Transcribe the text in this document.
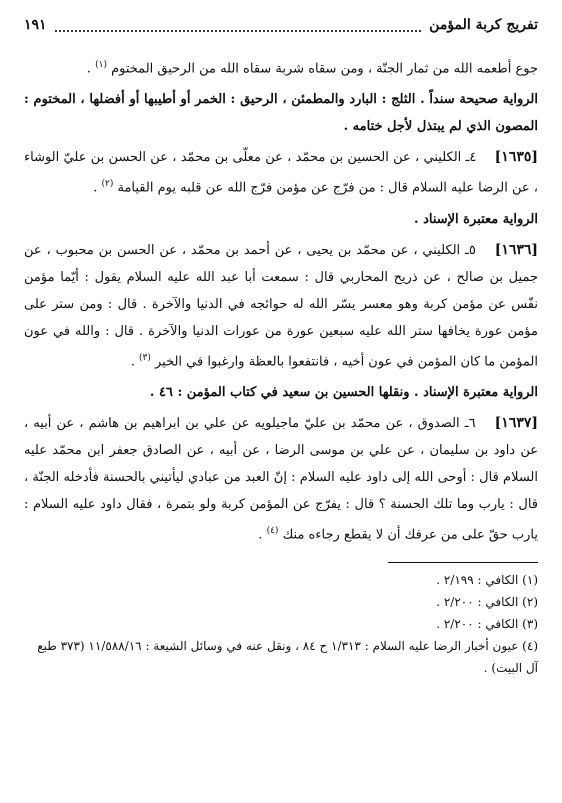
تفريج كربة المؤمن
١٩١

جوع أطعمه الله من ثمار الجنّة ، ومن سقاه شربة سقاه الله من الرحيق المختوم $^{(١)}$ .

الرواية صحيحة سنداً . الثلج : البارد والمطمئن ، الرحيق : الخمر أو أطيبها أو أفضلها ، المختوم : المصون الذي لم يبتذل لأجل ختامه .

[١٦٣٥] ٤ـ الكليني ، عن الحسين بن محمّد ، عن معلّى بن محمّد ، عن الحسن بن عليّ الوشاء ، عن الرضا عليه السلام قال : من فرّج عن مؤمن فرّج الله عن قلبه يوم القيامة $^{(٢)}$ .

الرواية معتبرة الإسناد .

[١٦٣٦] ٥ـ الكليني ، عن محمّد بن يحيى ، عن أحمد بن محمّد ، عن الحسن بن محبوب ، عن جميل بن صالح ، عن ذريح المحاربي قال : سمعت أبا عبد الله عليه السلام يقول : أيّما مؤمن نفّس عن مؤمن كربة وهو معسر يسّر الله له حوائجه في الدنيا والآخرة . قال : ومن ستر على مؤمن عورة يخافها ستر الله عليه سبعين عورة من عورات الدنيا والآخرة . قال : والله في عون المؤمن ما كان المؤمن في عون أخيه ، فانتفعوا بالعظة وارغبوا في الخير $^{(٣)}$ .

الرواية معتبرة الإسناد . ونقلها الحسين بن سعيد في كتاب المؤمن : ٤٦ .

[١٦٣٧] ٦ـ الصدوق ، عن محمّد بن عليّ ماجيلويه عن علي بن ابراهيم بن هاشم ، عن أبيه ، عن داود بن سليمان ، عن علي بن موسى الرضا ، عن أبيه ، عن الصادق جعفر ابن محمّد عليه السلام قال : أوحى الله إلى داود عليه السلام : إنّ العبد من عبادي ليأتيني بالحسنة فأدخله الجنّة ، قال : يارب وما تلك الحسنة ؟ قال : يفرّج عن المؤمن كربة ولو بتمرة ، فقال داود عليه السلام : يارب حقّ على من عرفك أن لا يقطع رجاءه منك $^{(٤)}$ .

(١) الكافي : ٢/١٩٩ .

(٢) الكافي : ٢/٢٠٠ .

(٣) الكافي : ٢/٢٠٠ .

(٤) عيون أخبار الرضا عليه السلام : ١/٣١٣ ح ٨٤ ، ونقل عنه في وسائل الشيعة : ١١/٥٨٨/١٦ (٣٧٣ طبع آل البيت) .
